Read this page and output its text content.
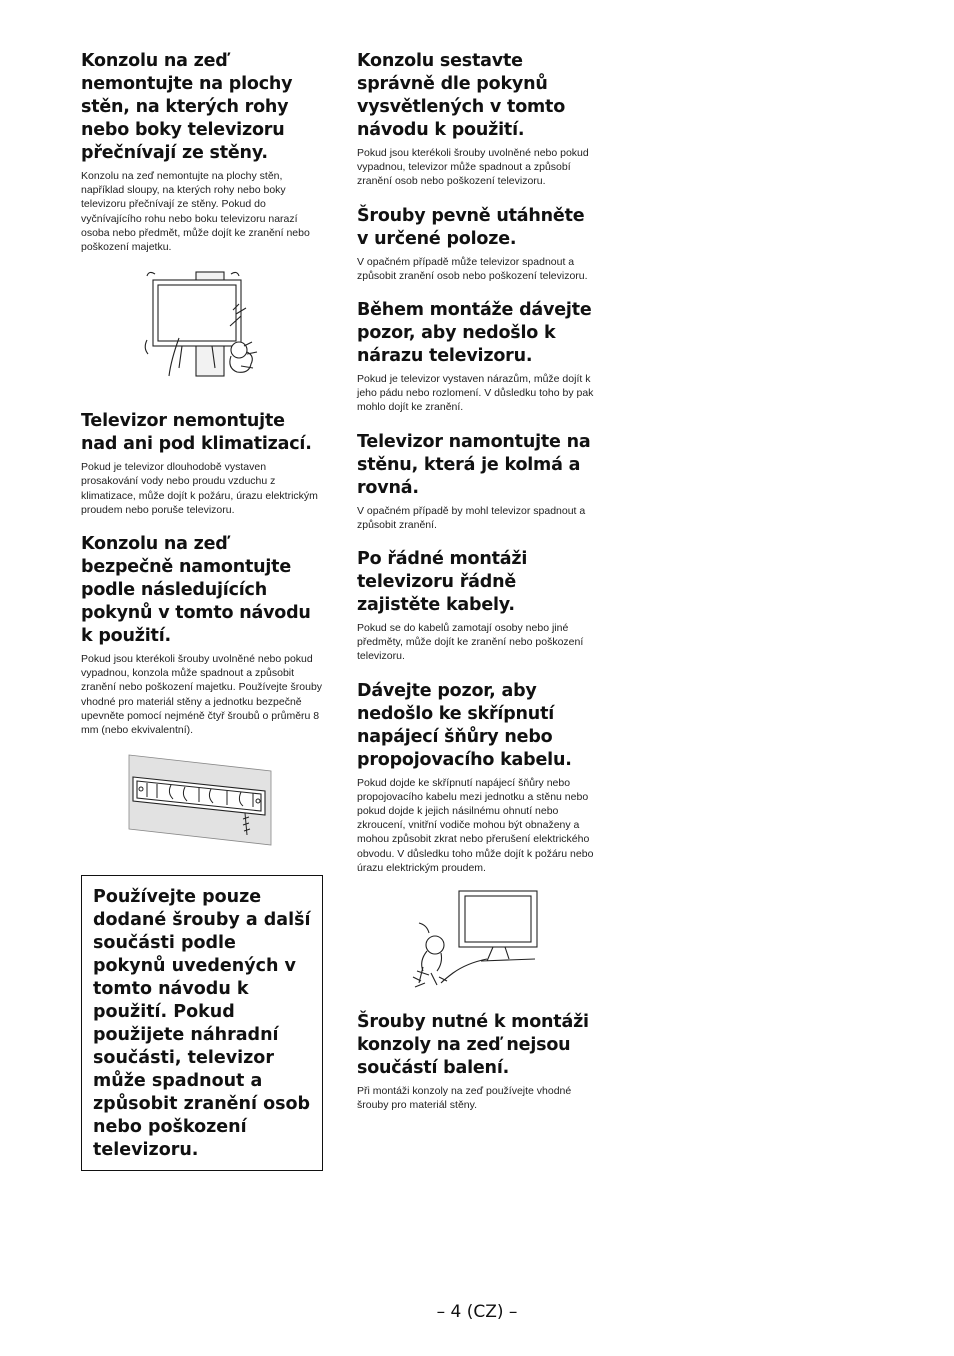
Konzolu na zeď nemontujte na plochy stěn, na kterých rohy nebo boky televizoru přečnívají ze stěny.

Konzolu na zeď nemontujte na plochy stěn, například sloupy, na kterých rohy nebo boky televizoru přečnívají ze stěny. Pokud do vyčnívajícího rohu nebo boku televizoru narazí osoba nebo předmět, může dojít ke zranění nebo poškození majetku.

Televizor nemontujte nad ani pod klimatizací.

Pokud je televizor dlouhodobě vystaven prosakování vody nebo proudu vzduchu z klimatizace, může dojít k požáru, úrazu elektrickým proudem nebo poruše televizoru.

Konzolu na zeď bezpečně namontujte podle následujících pokynů v tomto návodu k použití.

Pokud jsou kterékoli šrouby uvolněné nebo pokud vypadnou, konzola může spadnout a způsobit zranění nebo poškození majetku. Používejte šrouby vhodné pro materiál stěny a jednotku bezpečně upevněte pomocí nejméně čtyř šroubů o průměru 8 mm (nebo ekvivalentní).

Používejte pouze dodané šrouby a další součásti podle pokynů uvedených v tomto návodu k použití. Pokud použijete náhradní součásti, televizor může spadnout a způsobit zranění osob nebo poškození televizoru.
Konzolu sestavte správně dle pokynů vysvětlených v tomto návodu k použití.

Pokud jsou kterékoli šrouby uvolněné nebo pokud vypadnou, televizor může spadnout a způsobí zranění osob nebo poškození televizoru.

Šrouby pevně utáhněte v určené poloze.

V opačném případě může televizor spadnout a způsobit zranění osob nebo poškození televizoru.

Během montáže dávejte pozor, aby nedošlo k nárazu televizoru.

Pokud je televizor vystaven nárazům, může dojít k jeho pádu nebo rozlomení. V důsledku toho by pak mohlo dojít ke zranění.

Televizor namontujte na stěnu, která je kolmá a rovná.

V opačném případě by mohl televizor spadnout a způsobit zranění.

Po řádné montáži televizoru řádně zajistěte kabely.

Pokud se do kabelů zamotají osoby nebo jiné předměty, může dojít ke zranění nebo poškození televizoru.

Dávejte pozor, aby nedošlo ke skřípnutí napájecí šňůry nebo propojovacího kabelu.

Pokud dojde ke skřípnutí napájecí šňůry nebo propojovacího kabelu mezi jednotku a stěnu nebo pokud dojde k jejich násilnému ohnutí nebo zkroucení, vnitřní vodiče mohou být obnaženy a mohou způsobit zkrat nebo přerušení elektrického obvodu. V důsledku toho může dojít k požáru nebo úrazu elektrickým proudem.

Šrouby nutné k montáži konzoly na zeď nejsou součástí balení.

Při montáži konzoly na zeď používejte vhodné šrouby pro materiál stěny.

– 4 (CZ) –
